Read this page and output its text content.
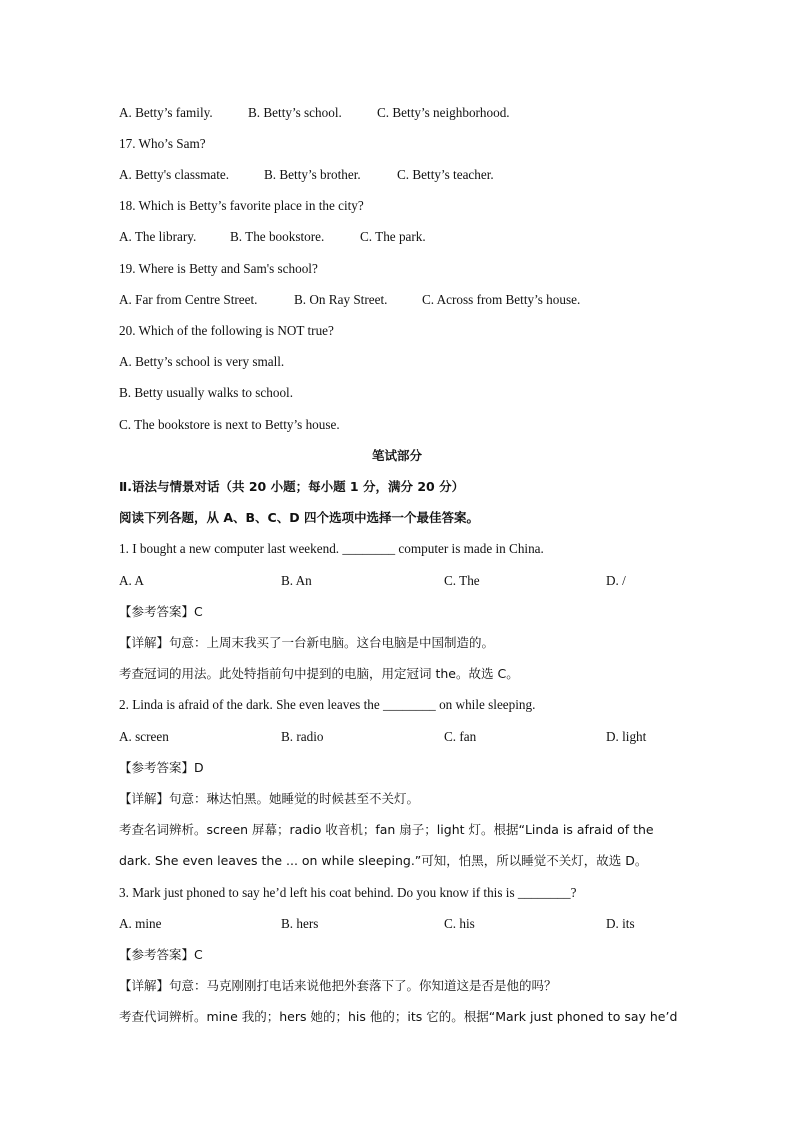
A. Betty’s family.	B. Betty’s school.	C. Betty’s neighborhood.
17. Who’s Sam?
A. Betty's classmate.	B. Betty’s brother.	C. Betty’s teacher.
18. Which is Betty’s favorite place in the city?
A. The library.	B. The bookstore.	C. The park.
19. Where is Betty and Sam's school?
A. Far from Centre Street.	B. On Ray Street.	C. Across from Betty’s house.
20. Which of the following is NOT true?
A. Betty’s school is very small.
B. Betty usually walks to school.
C. The bookstore is next to Betty’s house.
笔试部分
Ⅱ.语法与情景对话（共 20 小题；每小题 1 分，满分 20 分）
阅读下列各题，从 A、B、C、D 四个选项中选择一个最佳答案。
1. I bought a new computer last weekend. ________ computer is made in China.
A. A	B. An	C. The	D. /
【参考答案】C
【详解】句意：上周末我买了一台新电脑。这台电脑是中国制造的。
考查冠词的用法。此处特指前句中提到的电脑，用定冠词 the。故选 C。
2. Linda is afraid of the dark. She even leaves the ________ on while sleeping.
A. screen	B. radio	C. fan	D. light
【参考答案】D
【详解】句意：琳达怕黑。她睡觉的时候甚至不关灯。
考查名词辨析。screen 屏幕；radio 收音机；fan 扇子；light 灯。根据“Linda is afraid of the
dark. She even leaves the ... on while sleeping.”可知，怕黑，所以睡觉不关灯，故选 D。
3. Mark just phoned to say he’d left his coat behind. Do you know if this is ________?
A. mine	B. hers	C. his	D. its
【参考答案】C
【详解】句意：马克刚刚打电话来说他把外套落下了。你知道这是否是他的吗？
考查代词辨析。mine 我的；hers 她的；his 他的；its 它的。根据“Mark just phoned to say he’d
